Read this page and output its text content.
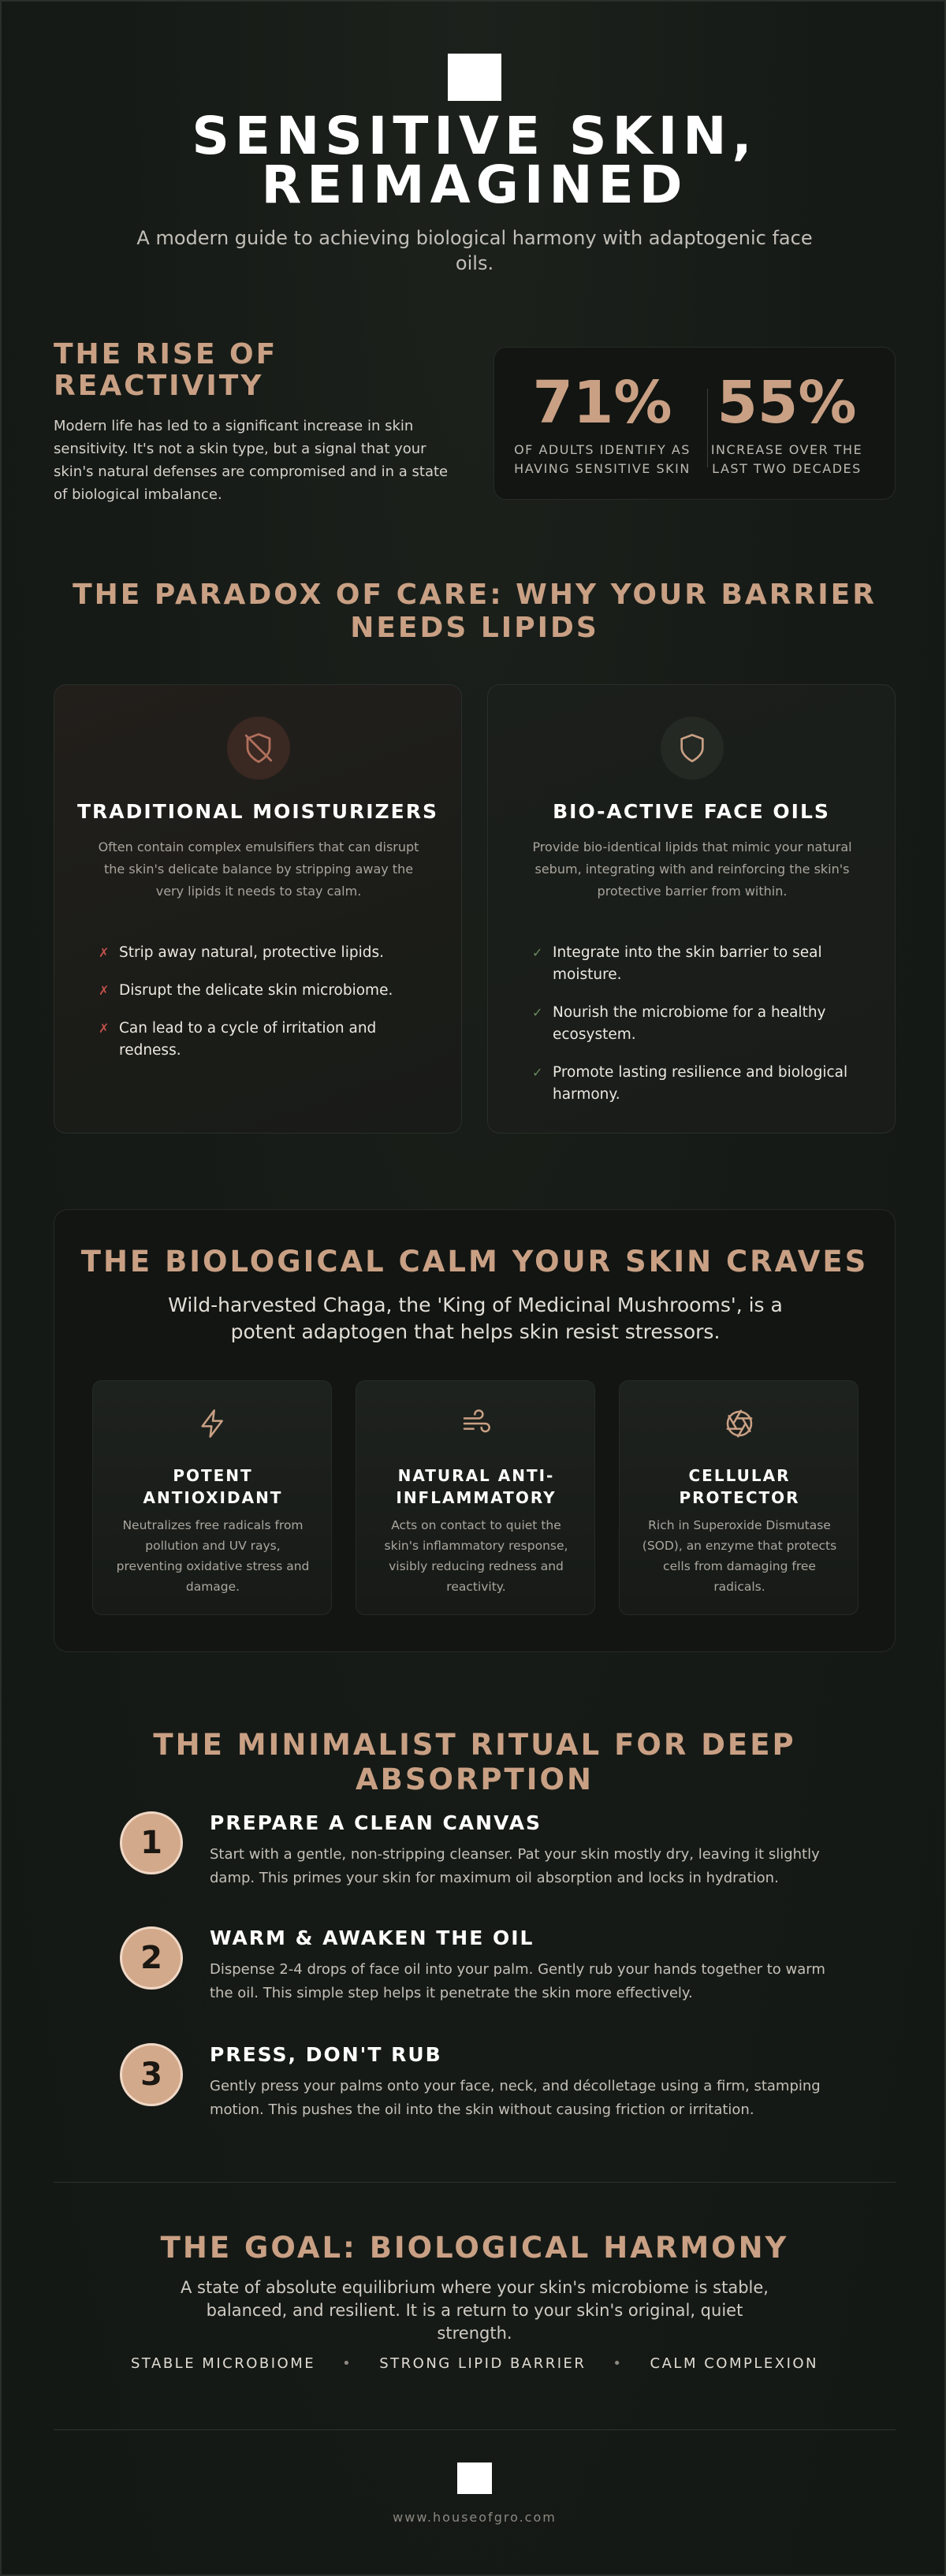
SENSITIVE SKIN, REIMAGINED

A modern guide to achieving biological harmony with adaptogenic face oils.

THE RISE OF REACTIVITY

Modern life has led to a significant increase in skin sensitivity. It's not a skin type, but a signal that your skin's natural defenses are compromised and in a state of biological imbalance.

71%
OF ADULTS IDENTIFY AS HAVING SENSITIVE SKIN
55%
INCREASE OVER THE LAST TWO DECADES
THE PARADOX OF CARE: WHY YOUR BARRIER NEEDS LIPIDS
TRADITIONAL MOISTURIZERS

Often contain complex emulsifiers that can disrupt the skin's delicate balance by stripping away the very lipids it needs to stay calm.

✗ Strip away natural, protective lipids.
✗ Disrupt the delicate skin microbiome.
✗ Can lead to a cycle of irritation and redness.
BIO-ACTIVE FACE OILS

Provide bio-identical lipids that mimic your natural sebum, integrating with and reinforcing the skin's protective barrier from within.

✓ Integrate into the skin barrier to seal moisture.
✓ Nourish the microbiome for a healthy ecosystem.
✓ Promote lasting resilience and biological harmony.
THE BIOLOGICAL CALM YOUR SKIN CRAVES

Wild-harvested Chaga, the 'King of Medicinal Mushrooms', is a potent adaptogen that helps skin resist stressors.

POTENT ANTIOXIDANT

Neutralizes free radicals from pollution and UV rays, preventing oxidative stress and damage.

NATURAL ANTI-INFLAMMATORY

Acts on contact to quiet the skin's inflammatory response, visibly reducing redness and reactivity.

CELLULAR PROTECTOR

Rich in Superoxide Dismutase (SOD), an enzyme that protects cells from damaging free radicals.

THE MINIMALIST RITUAL FOR DEEP ABSORPTION
1
PREPARE A CLEAN CANVAS

Start with a gentle, non-stripping cleanser. Pat your skin mostly dry, leaving it slightly damp. This primes your skin for maximum oil absorption and locks in hydration.

2
WARM & AWAKEN THE OIL

Dispense 2-4 drops of face oil into your palm. Gently rub your hands together to warm the oil. This simple step helps it penetrate the skin more effectively.

3
PRESS, DON'T RUB

Gently press your palms onto your face, neck, and décolletage using a firm, stamping motion. This pushes the oil into the skin without causing friction or irritation.

THE GOAL: BIOLOGICAL HARMONY

A state of absolute equilibrium where your skin's microbiome is stable, balanced, and resilient. It is a return to your skin's original, quiet strength.

STABLE MICROBIOME • STRONG LIPID BARRIER • CALM COMPLEXION
www.houseofgro.com
